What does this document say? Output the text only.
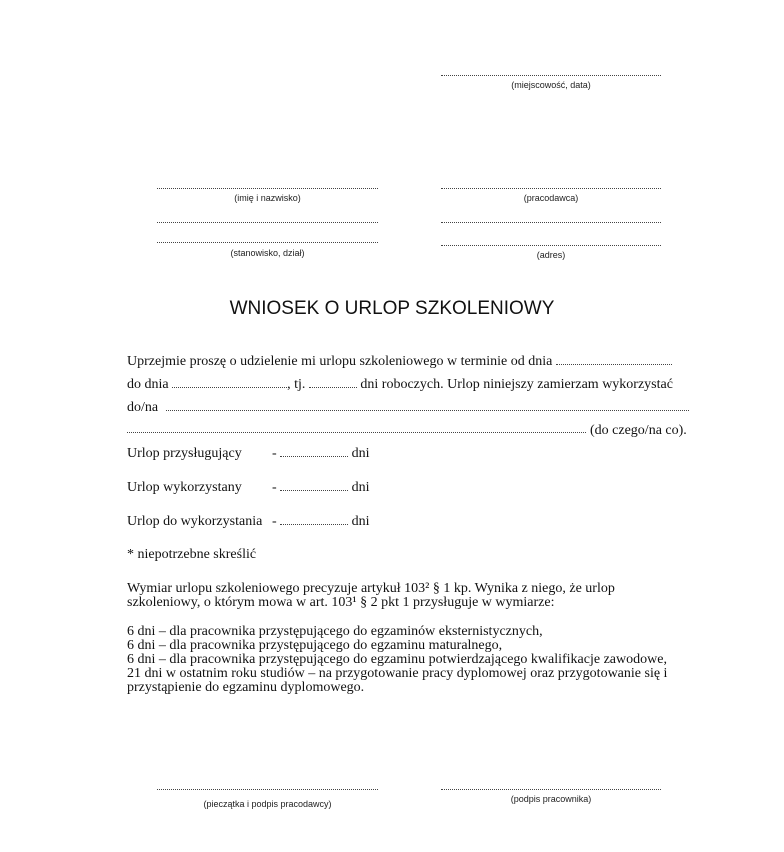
(miejscowość, data)
(imię i nazwisko)
(stanowisko, dział)
(pracodawca)
(adres)
WNIOSEK O URLOP SZKOLENIOWY
Uprzejmie proszę o udzielenie mi urlopu szkoleniowego w terminie od dnia
do dnia	, tj.	dni roboczych. Urlop niniejszy zamierzam wykorzystać
do/na
(do czego/na co).
Urlop przysługujący -	dni
Urlop wykorzystany -	dni
Urlop do wykorzystania -	dni
* niepotrzebne skreślić
Wymiar urlopu szkoleniowego precyzuje artykuł 103² § 1 kp. Wynika z niego, że urlop
szkoleniowy, o którym mowa w art. 103¹ § 2 pkt 1 przysługuje w wymiarze:
6 dni – dla pracownika przystępującego do egzaminów eksternistycznych,
6 dni – dla pracownika przystępującego do egzaminu maturalnego,
6 dni – dla pracownika przystępującego do egzaminu potwierdzającego kwalifikacje zawodowe,
21 dni w ostatnim roku studiów – na przygotowanie pracy dyplomowej oraz przygotowanie się i
przystąpienie do egzaminu dyplomowego.
(pieczątka i podpis pracodawcy)	(podpis pracownika)
